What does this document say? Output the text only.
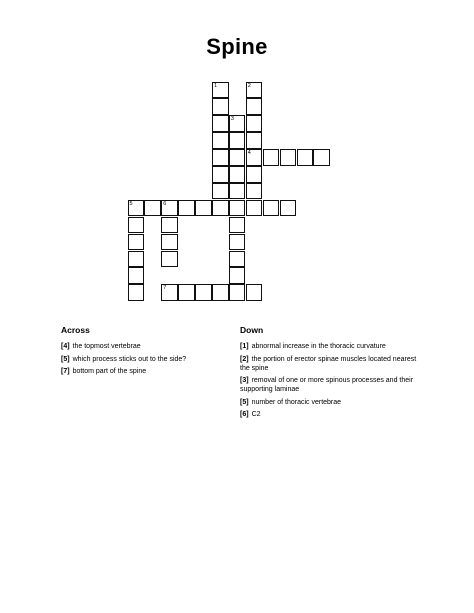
Spine
1	2
3
4
5	6
7
Across
[4] the topmost vertebrae
[5] which process sticks out to the side?
[7] bottom part of the spine
Down
[1] abnormal increase in the thoracic curvature
[2] the portion of erector spinae muscles located nearest the spine
[3] removal of one or more spinous processes and their supporting laminae
[5] number of thoracic vertebrae
[6] C2
